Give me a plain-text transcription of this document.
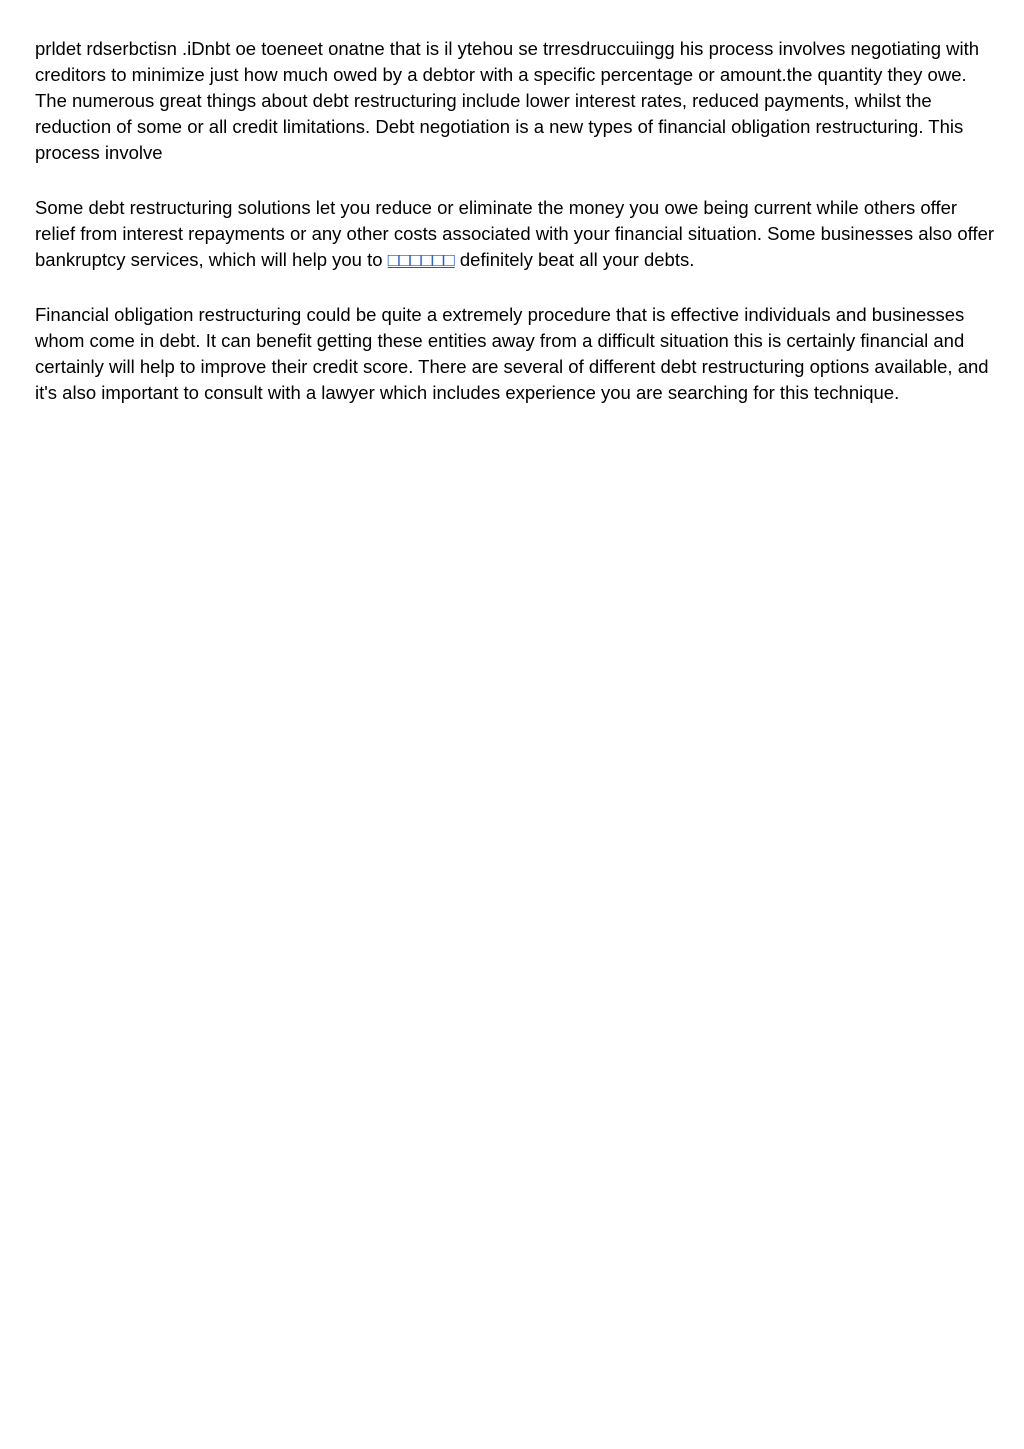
prldet rdserbctisn .iDnbt oe toeneet onatne that is il ytehou se trresdruccuiingg his process involves negotiating with creditors to minimize just how much owed by a debtor with a specific percentage or amount.the quantity they owe. The numerous great things about debt restructuring include lower interest rates, reduced payments, whilst the reduction of some or all credit limitations. Debt negotiation is a new types of financial obligation restructuring. This process involve

Some debt restructuring solutions let you reduce or eliminate the money you owe being current while others offer relief from interest repayments or any other costs associated with your financial situation. Some businesses also offer bankruptcy services, which will help you to □□□□□□ definitely beat all your debts.

Financial obligation restructuring could be quite a extremely procedure that is effective individuals and businesses whom come in debt. It can benefit getting these entities away from a difficult situation this is certainly financial and certainly will help to improve their credit score. There are several of different debt restructuring options available, and it's also important to consult with a lawyer which includes experience you are searching for this technique.
